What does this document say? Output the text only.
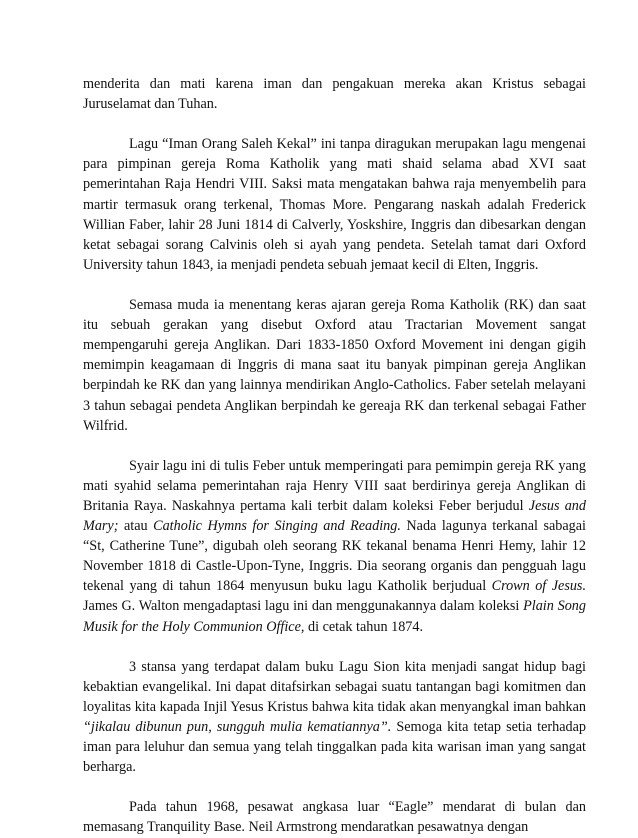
menderita dan mati karena iman dan pengakuan mereka akan Kristus sebagai Juruselamat dan Tuhan.

Lagu “Iman Orang Saleh Kekal” ini tanpa diragukan merupakan lagu mengenai para pimpinan gereja Roma Katholik yang mati shaid selama abad XVI saat pemerintahan Raja Hendri VIII. Saksi mata mengatakan bahwa raja menyembelih para martir termasuk orang terkenal, Thomas More. Pengarang naskah adalah Frederick Willian Faber, lahir 28 Juni 1814 di Calverly, Yoskshire, Inggris dan dibesarkan dengan ketat sebagai sorang Calvinis oleh si ayah yang pendeta. Setelah tamat dari Oxford University tahun 1843, ia menjadi pendeta sebuah jemaat kecil di Elten, Inggris.

Semasa muda ia menentang keras ajaran gereja Roma Katholik (RK) dan saat itu sebuah gerakan yang disebut Oxford atau Tractarian Movement sangat mempengaruhi gereja Anglikan. Dari 1833-1850 Oxford Movement ini dengan gigih memimpin keagamaan di Inggris di mana saat itu banyak pimpinan gereja Anglikan berpindah ke RK dan yang lainnya mendirikan Anglo-Catholics. Faber setelah melayani 3 tahun sebagai pendeta Anglikan berpindah ke gereaja RK dan terkenal sebagai Father Wilfrid.

Syair lagu ini di tulis Feber untuk memperingati para pemimpin gereja RK yang mati syahid selama pemerintahan raja Henry VIII saat berdirinya gereja Anglikan di Britania Raya. Naskahnya pertama kali terbit dalam koleksi Feber berjudul Jesus and Mary; atau Catholic Hymns for Singing and Reading. Nada lagunya terkanal sabagai “St, Catherine Tune”, digubah oleh seorang RK tekanal benama Henri Hemy, lahir 12 November 1818 di Castle-Upon-Tyne, Inggris. Dia seorang organis dan pengguah lagu tekenal yang di tahun 1864 menyusun buku lagu Katholik berjudual Crown of Jesus. James G. Walton mengadaptasi lagu ini dan menggunakannya dalam koleksi Plain Song Musik for the Holy Communion Office, di cetak tahun 1874.

3 stansa yang terdapat dalam buku Lagu Sion kita menjadi sangat hidup bagi kebaktian evangelikal. Ini dapat ditafsirkan sebagai suatu tantangan bagi komitmen dan loyalitas kita kapada Injil Yesus Kristus bahwa kita tidak akan menyangkal iman bahkan “jikalau dibunun pun, sungguh mulia kematiannya”. Semoga kita tetap setia terhadap iman para leluhur dan semua yang telah tinggalkan pada kita warisan iman yang sangat berharga.

Pada tahun 1968, pesawat angkasa luar “Eagle” mendarat di bulan dan memasang Tranquility Base. Neil Armstrong mendaratkan pesawatnya dengan
